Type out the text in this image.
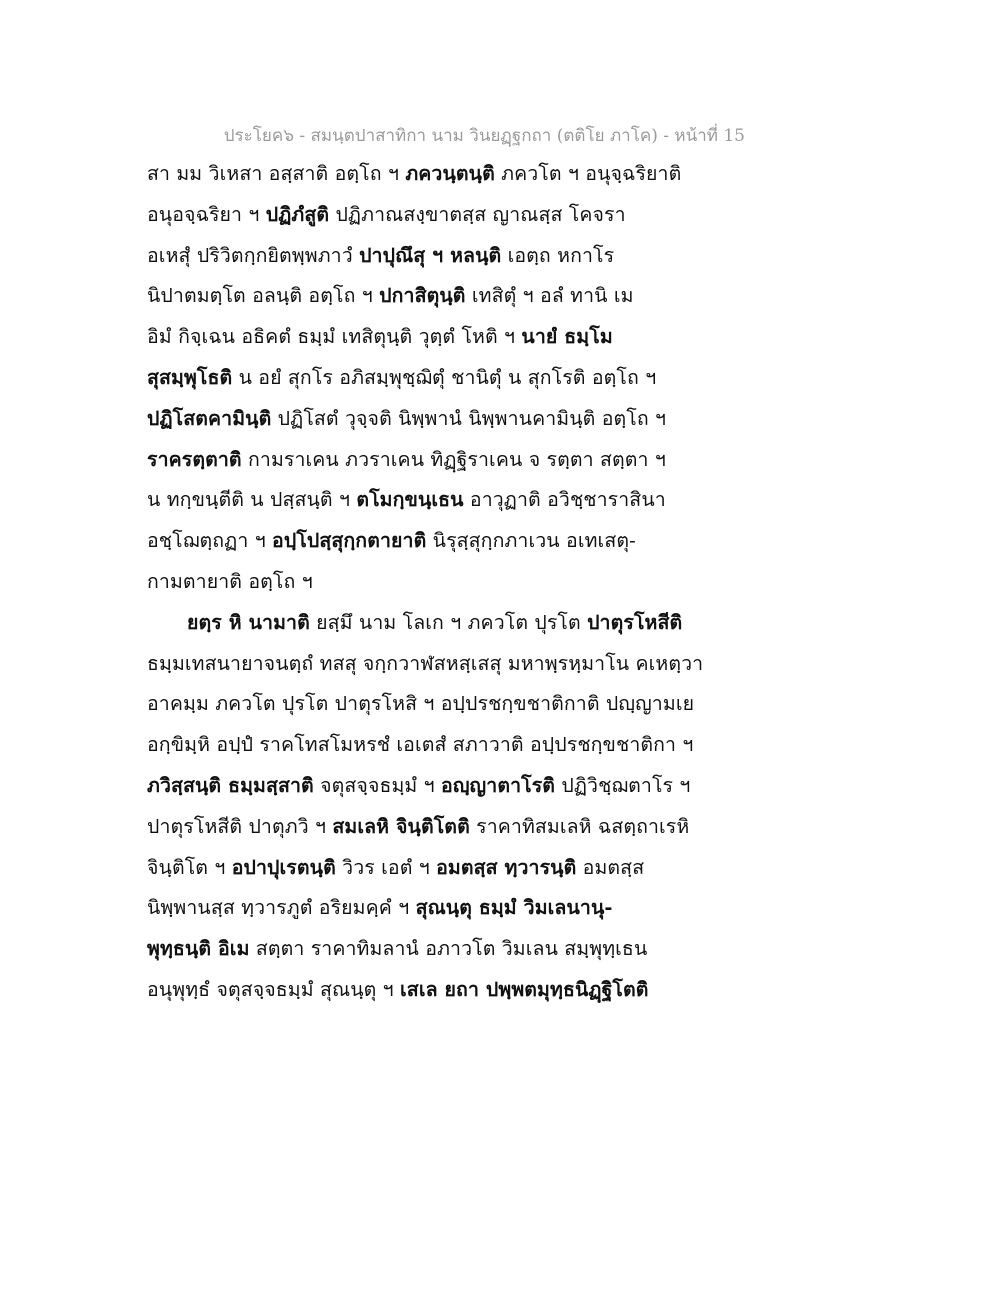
ประโยค๖ - สมนฺตปาสาทิกา นาม วินยฏฺฐกถา (ตติโย ภาโค) - หน้าที่ 15
สา มม วิเหสา อสฺสาติ อตฺโถ ฯ ภควนฺตนฺติ ภควโต ฯ อนุจฺฉริยาติ
อนุอจฺฉริยา ฯ ปฏิภํสูติ ปฏิภาณสงฺขาตสฺส ญาณสฺส โคจรา
อเหสุํ ปริวิตกฺกยิตพฺพภาวํ ปาปุณึสุ ฯ หลนฺติ เอตฺถ หกาโร
นิปาตมตฺโต อลนฺติ อตฺโถ ฯ ปกาสิตุนฺติ เทสิตุํ ฯ อลํ ทานิ เม
อิมํ กิจฺเฉน อธิคตํ ธมฺมํ เทสิตุนฺติ วุตฺตํ โหติ ฯ นายํ ธมฺโม
สุสมฺพุโธติ น อยํ สุกโร อภิสมฺพุชฺฌิตุํ ชานิตุํ น สุกโรติ อตฺโถ ฯ
ปฏิโสตคามินฺติ ปฏิโสตํ วุจฺจติ นิพฺพานํ นิพฺพานคามินฺติ อตฺโถ ฯ
ราครตฺตาติ กามราเคน ภวราเคน ทิฏฺฐิราเคน จ รตฺตา สตฺตา ฯ
น ทกฺขนฺตีติ น ปสฺสนฺติ ฯ ตโมกฺขนฺเธน อาวุฏาติ อวิชฺชาราสินา
อชฺโฌตฺถฏา ฯ อปฺโปสฺสุกฺกตายาติ นิรุสฺสุกฺกภาเวน อเทเสตุ-
กามตายาติ อตฺโถ ฯ
ยตฺร หิ นามาติ ยสฺมึ นาม โลเก ฯ ภควโต ปุรโต ปาตุรโหสีติ
ธมฺมเทสนายาจนตฺถํ ทสสุ จกฺกวาฬสหสฺเสสุ มหาพฺรหฺมาโน คเหตฺวา
อาคมฺม ภควโต ปุรโต ปาตุรโหสิ ฯ อปฺปรชกฺขชาติกาติ ปญฺญามเย
อกฺขิมฺหิ อปฺปํ ราคโทสโมหรชํ เอเตสํ สภาวาติ อปฺปรชกฺขชาติกา ฯ
ภวิสฺสนฺติ ธมฺมสฺสาติ จตุสจฺจธมฺมํ ฯ อญฺญาตาโรติ ปฏิวิชฺฌตาโร ฯ
ปาตุรโหสีติ ปาตุภวิ ฯ สมเลหิ จินฺติโตติ ราคาทิสมเลหิ ฉสตฺถาเรหิ
จินฺติโต ฯ อปาปุเรตนฺติ วิวร เอตํ ฯ อมตสฺส ทฺวารนฺติ อมตสฺส
นิพฺพานสฺส ทฺวารภูตํ อริยมคฺคํ ฯ สุณนฺตุ ธมฺมํ วิมเลนานุ-
พุทฺธนฺติ อิเม สตฺตา ราคาทิมลานํ อภาวโต วิมเลน สมฺพุทฺเธน
อนุพุทฺธํ จตุสจฺจธมฺมํ สุณนฺตุ ฯ เสเล ยถา ปพฺพตมุทฺธนิฏฺฐิโตติ
